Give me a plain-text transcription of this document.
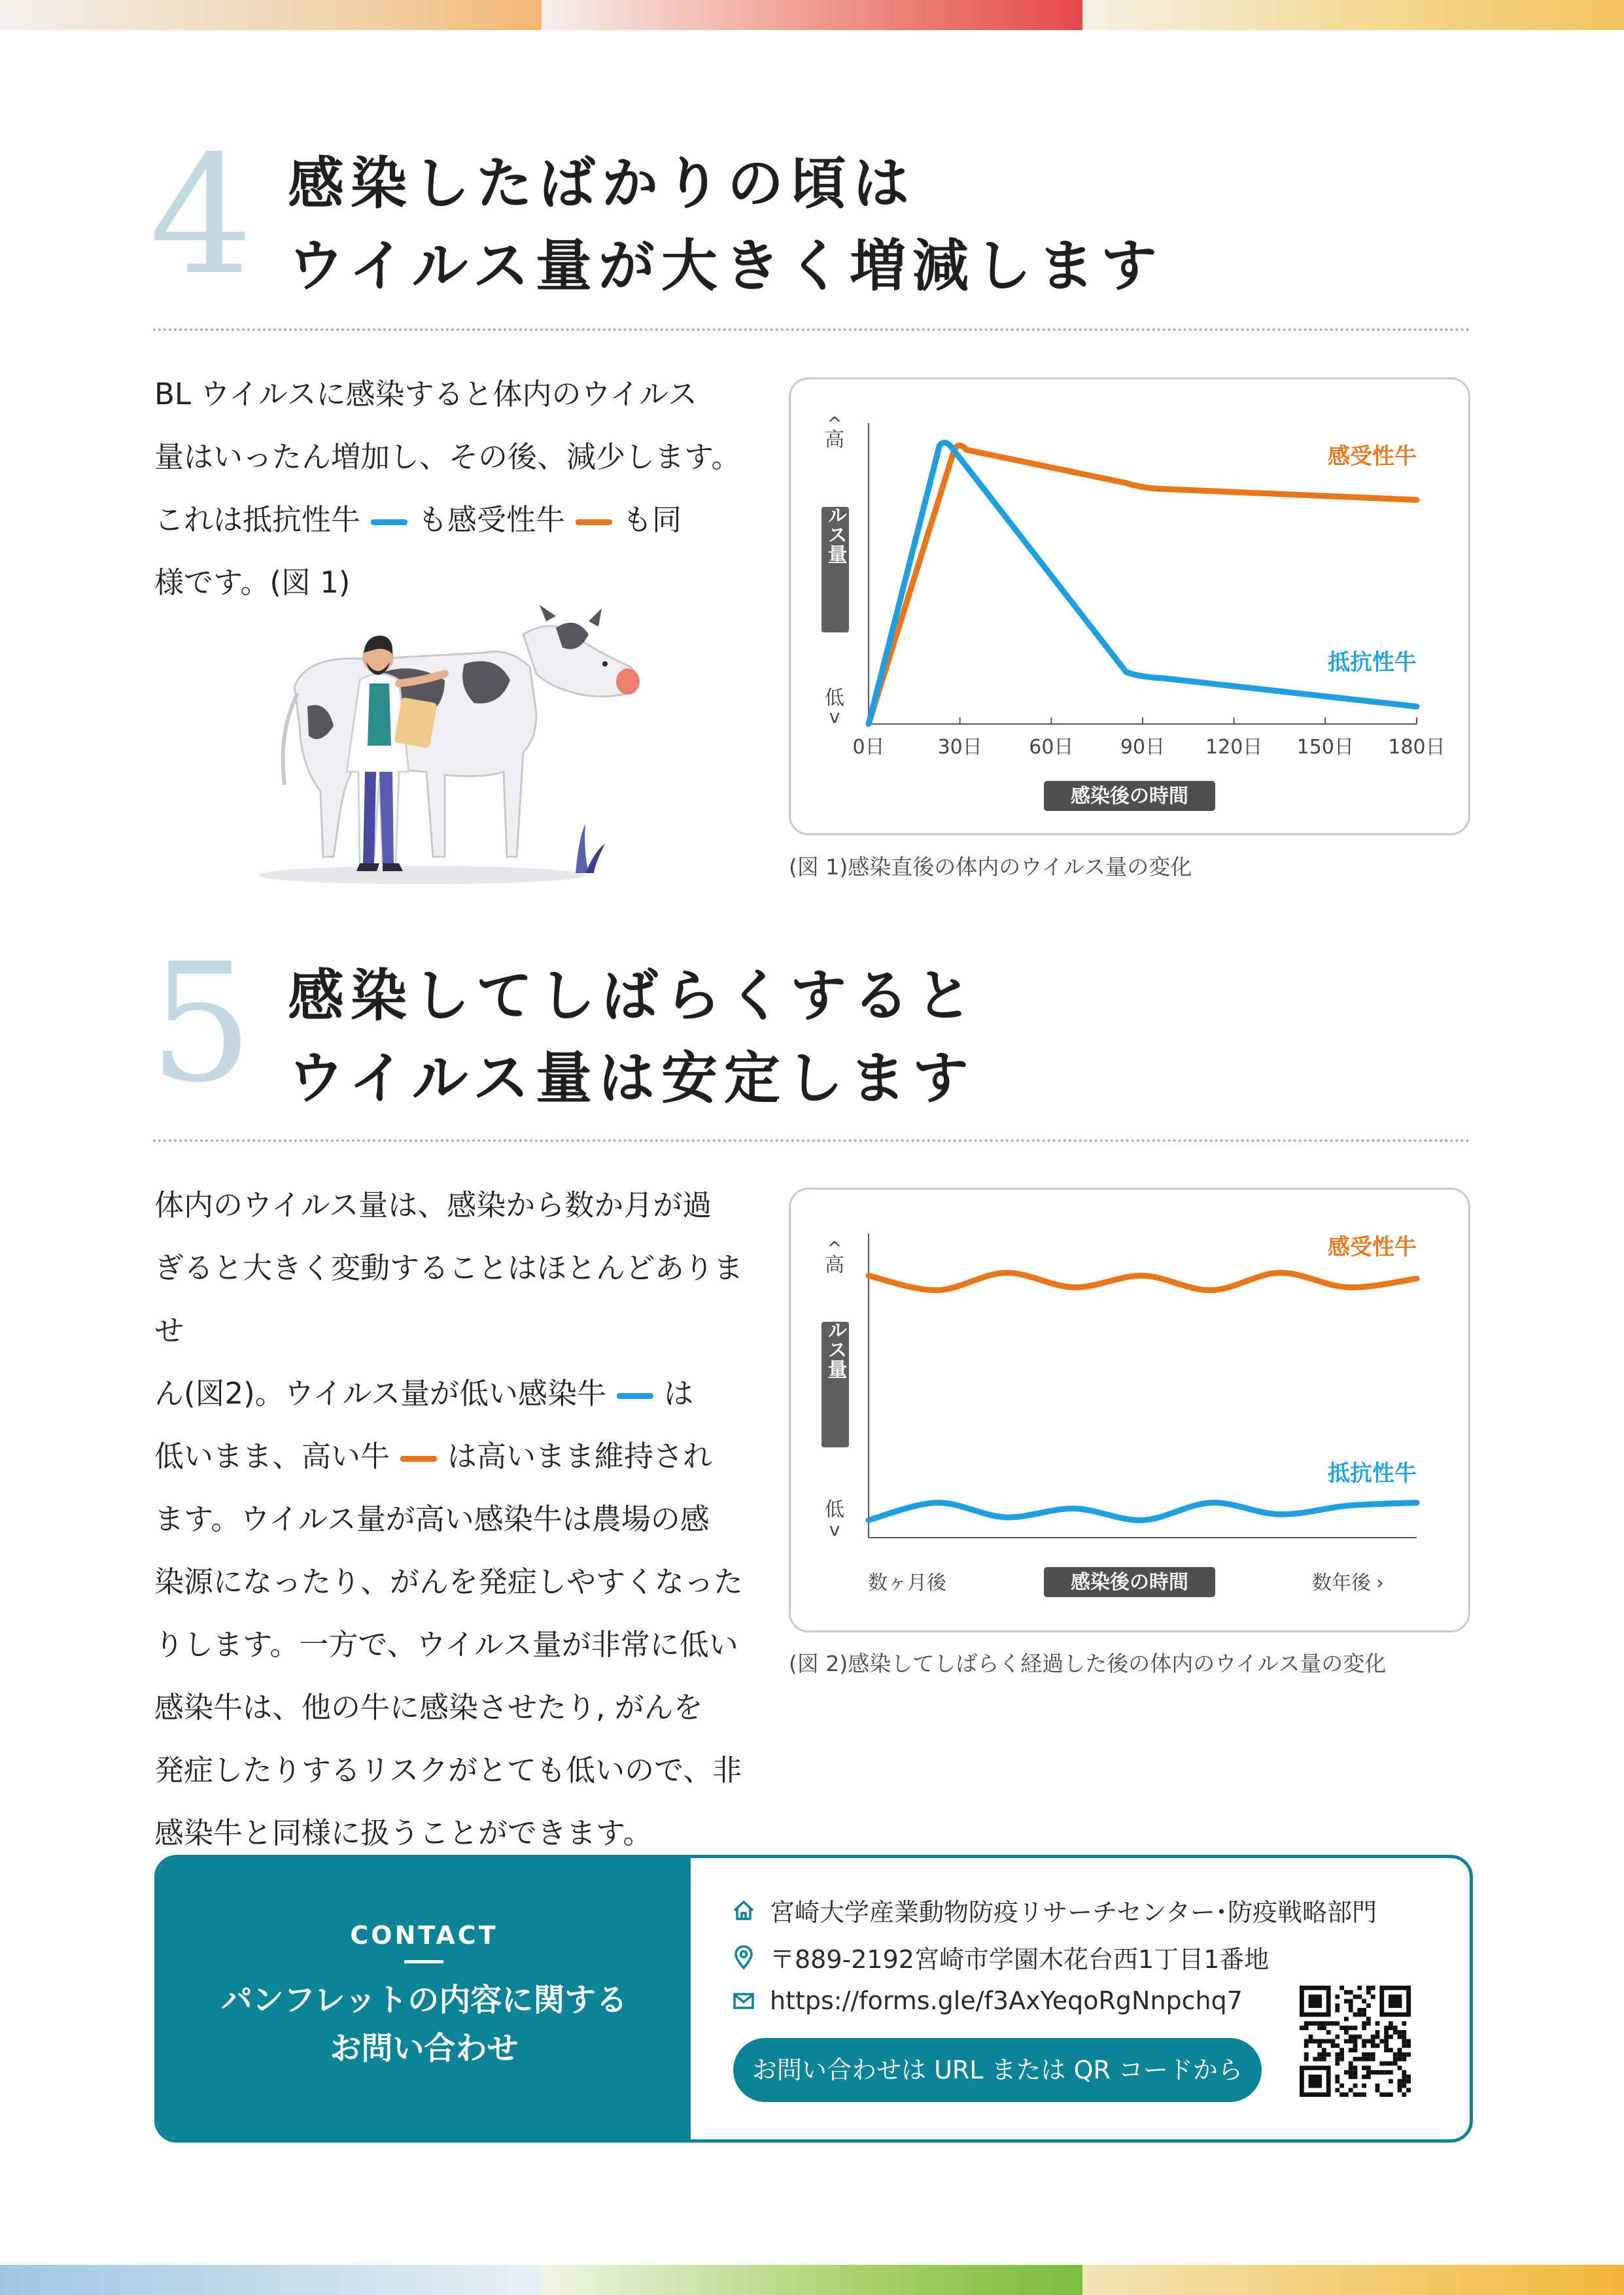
4 感染したばかりの頃は
ウイルス量が大きく増減します
BL ウイルスに感染すると体内のウイルス
量はいったん増加し、その後、減少します。
これは抵抗性牛 も感受性牛 も同
様です。(図 1)
0日	30日 60日 90日 120日 150日 180日
感受性牛
抵抗性牛
高
^
低
v
ウイルス量
感染後の時間
(図 1)感染直後の体内のウイルス量の変化
5 感染してしばらくすると
ウイルス量は安定します
体内のウイルス量は、感染から数か月が過
ぎると大きく変動することはほとんどありませ
ん(図2)。ウイルス量が低い感染牛 は
低いまま、高い牛 は高いまま維持され
ます。ウイルス量が高い感染牛は農場の感
染源になったり、がんを発症しやすくなった
りします。一方で、ウイルス量が非常に低い
感染牛は、他の牛に感染させたり, がんを
発症したりするリスクがとても低いので、非
感染牛と同様に扱うことができます。
感受性牛
抵抗性牛
高
^
低
v
ウイルス量
数ヶ月後	数年後 ›
感染後の時間
(図 2)感染してしばらく経過した後の体内のウイルス量の変化
CONTACT
パンフレットの内容に関する
お問い合わせ
宮崎大学産業動物防疫リサーチセンター･防疫戦略部門
〒889-2192宮崎市学園木花台西1丁目1番地
https://forms.gle/f3AxYeqoRgNnpchq7
お問い合わせは URL または QR コードから
